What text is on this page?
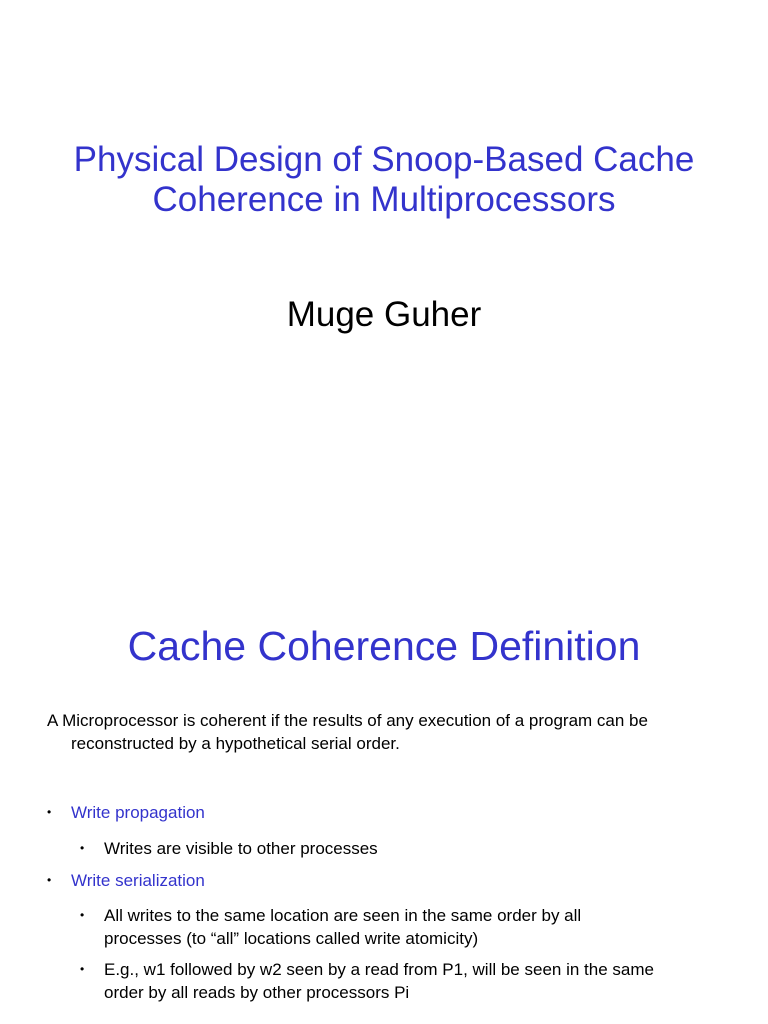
Physical Design of Snoop-Based Cache
Coherence in Multiprocessors
Muge Guher
Cache Coherence Definition

A Microprocessor is coherent if the results of any execution of a program can be reconstructed by a hypothetical serial order.

• Write propagation
• Writes are visible to other processes
• Write serialization
• All writes to the same location are seen in the same order by all
processes (to “all” locations called write atomicity)
• E.g., w1 followed by w2 seen by a read from P1, will be seen in the same
order by all reads by other processors Pi
